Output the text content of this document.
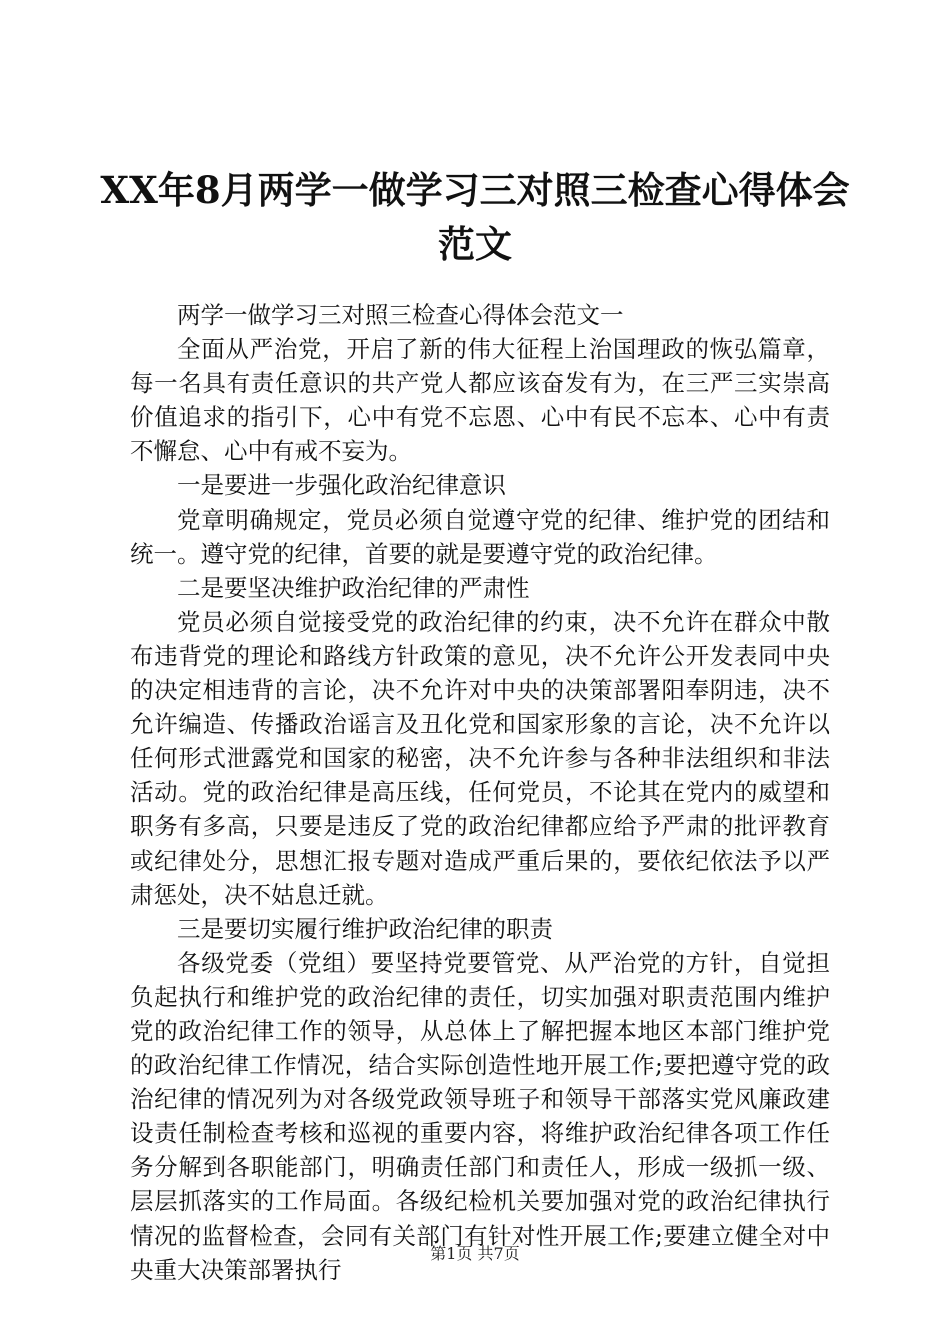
XX年8月两学一做学习三对照三检查心得体会
范文

两学一做学习三对照三检查心得体会范文一

全面从严治党，开启了新的伟大征程上治国理政的恢弘篇章，每一名具有责任意识的共产党人都应该奋发有为，在三严三实崇高价值追求的指引下，心中有党不忘恩、心中有民不忘本、心中有责不懈怠、心中有戒不妄为。

一是要进一步强化政治纪律意识

党章明确规定，党员必须自觉遵守党的纪律、维护党的团结和统一。遵守党的纪律，首要的就是要遵守党的政治纪律。

二是要坚决维护政治纪律的严肃性

党员必须自觉接受党的政治纪律的约束，决不允许在群众中散布违背党的理论和路线方针政策的意见，决不允许公开发表同中央的决定相违背的言论，决不允许对中央的决策部署阳奉阴违，决不允许编造、传播政治谣言及丑化党和国家形象的言论，决不允许以任何形式泄露党和国家的秘密，决不允许参与各种非法组织和非法活动。党的政治纪律是高压线，任何党员，不论其在党内的威望和职务有多高，只要是违反了党的政治纪律都应给予严肃的批评教育或纪律处分，思想汇报专题对造成严重后果的，要依纪依法予以严肃惩处，决不姑息迁就。

三是要切实履行维护政治纪律的职责

各级党委（党组）要坚持党要管党、从严治党的方针，自觉担负起执行和维护党的政治纪律的责任，切实加强对职责范围内维护党的政治纪律工作的领导，从总体上了解把握本地区本部门维护党的政治纪律工作情况，结合实际创造性地开展工作;要把遵守党的政治纪律的情况列为对各级党政领导班子和领导干部落实党风廉政建设责任制检查考核和巡视的重要内容，将维护政治纪律各项工作任务分解到各职能部门，明确责任部门和责任人，形成一级抓一级、层层抓落实的工作局面。各级纪检机关要加强对党的政治纪律执行情况的监督检查，会同有关部门有针对性开展工作;要建立健全对中央重大决策部署执行

第1页 共7页
